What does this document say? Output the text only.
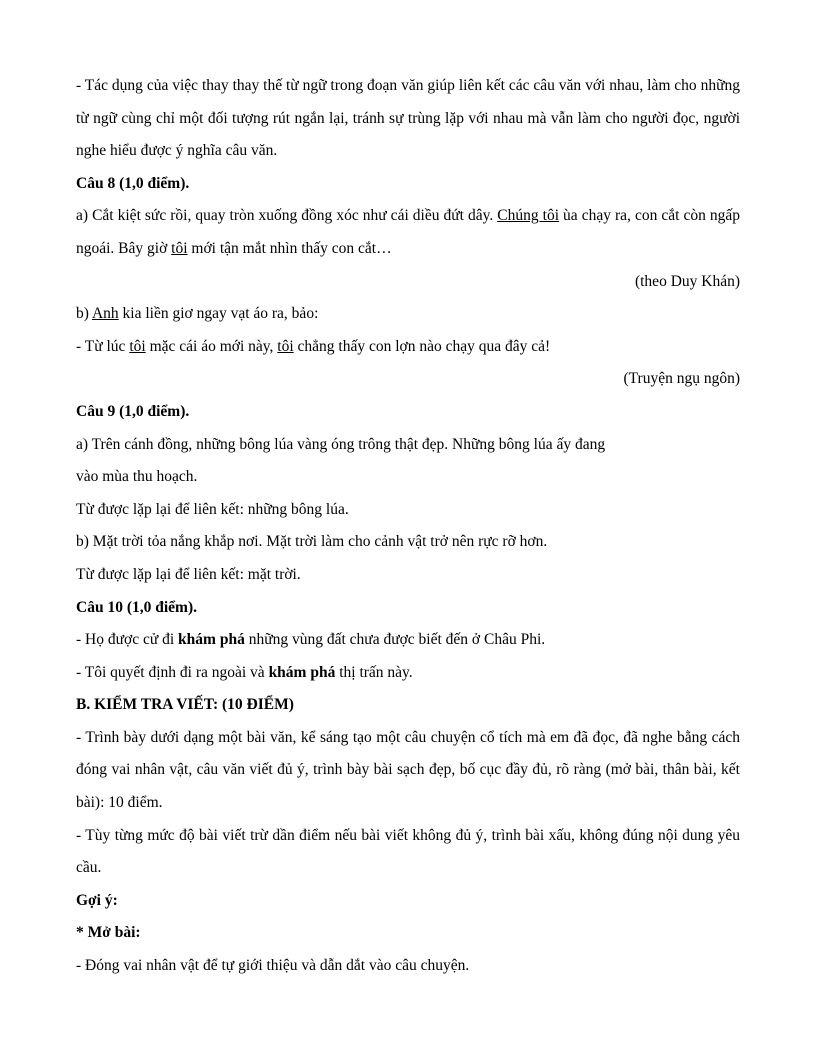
- Tác dụng của việc thay thay thế từ ngữ trong đoạn văn giúp liên kết các câu văn với nhau, làm cho những từ ngữ cùng chỉ một đối tượng rút ngắn lại, tránh sự trùng lặp với nhau mà vẫn làm cho người đọc, người nghe hiểu được ý nghĩa câu văn.

Câu 8 (1,0 điểm).

a) Cắt kiệt sức rồi, quay tròn xuống đồng xóc như cái diều đứt dây. Chúng tôi ùa chạy ra, con cắt còn ngấp ngoái. Bây giờ tôi mới tận mắt nhìn thấy con cắt…

(theo Duy Khán)

b) Anh kia liền giơ ngay vạt áo ra, bảo:

- Từ lúc tôi mặc cái áo mới này, tôi chẳng thấy con lợn nào chạy qua đây cả!

(Truyện ngụ ngôn)

Câu 9 (1,0 điểm).

a) Trên cánh đồng, những bông lúa vàng óng trông thật đẹp. Những bông lúa ấy đang

vào mùa thu hoạch.

Từ được lặp lại để liên kết: những bông lúa.

b) Mặt trời tỏa nắng khắp nơi. Mặt trời làm cho cảnh vật trở nên rực rỡ hơn.

Từ được lặp lại để liên kết: mặt trời.

Câu 10 (1,0 điểm).

- Họ được cử đi khám phá những vùng đất chưa được biết đến ở Châu Phi.

- Tôi quyết định đi ra ngoài và khám phá thị trấn này.

B. KIỂM TRA VIẾT: (10 ĐIỂM)

- Trình bày dưới dạng một bài văn, kể sáng tạo một câu chuyện cổ tích mà em đã đọc, đã nghe bằng cách đóng vai nhân vật, câu văn viết đủ ý, trình bày bài sạch đẹp, bố cục đầy đủ, rõ ràng (mở bài, thân bài, kết bài): 10 điểm.

- Tùy từng mức độ bài viết trừ dần điểm nếu bài viết không đủ ý, trình bài xấu, không đúng nội dung yêu cầu.

Gợi ý:

* Mở bài:

- Đóng vai nhân vật để tự giới thiệu và dẫn dắt vào câu chuyện.
